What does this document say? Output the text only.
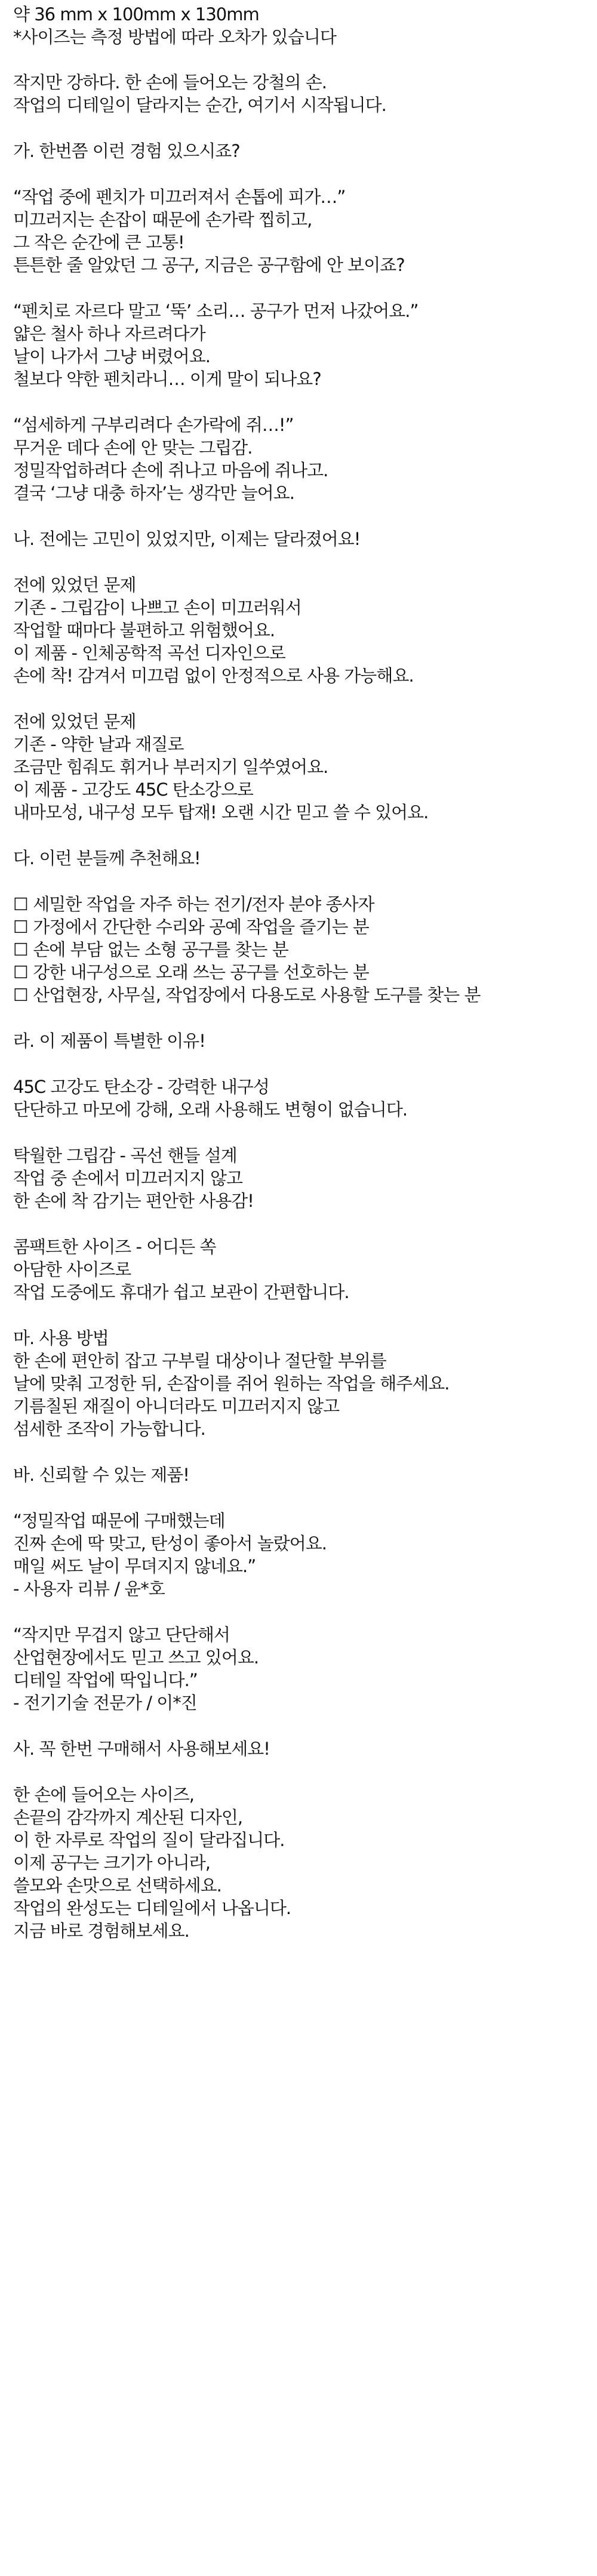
약 36 mm x 100mm x 130mm
*사이즈는 측정 방법에 따라 오차가 있습니다
작지만 강하다. 한 손에 들어오는 강철의 손.
작업의 디테일이 달라지는 순간, 여기서 시작됩니다.
가. 한번쯤 이런 경험 있으시죠?
“작업 중에 펜치가 미끄러져서 손톱에 피가…”
미끄러지는 손잡이 때문에 손가락 찝히고,
그 작은 순간에 큰 고통!
튼튼한 줄 알았던 그 공구, 지금은 공구함에 안 보이죠?
“펜치로 자르다 말고 ‘뚝’ 소리… 공구가 먼저 나갔어요.”
얇은 철사 하나 자르려다가
날이 나가서 그냥 버렸어요.
철보다 약한 펜치라니… 이게 말이 되나요?
“섬세하게 구부리려다 손가락에 쥐…!”
무거운 데다 손에 안 맞는 그립감.
정밀작업하려다 손에 쥐나고 마음에 쥐나고.
결국 ‘그냥 대충 하자’는 생각만 늘어요.
나. 전에는 고민이 있었지만, 이제는 달라졌어요!
전에 있었던 문제
기존 - 그립감이 나쁘고 손이 미끄러워서
작업할 때마다 불편하고 위험했어요.
이 제품 - 인체공학적 곡선 디자인으로
손에 착! 감겨서 미끄럼 없이 안정적으로 사용 가능해요.
전에 있었던 문제
기존 - 약한 날과 재질로
조금만 힘줘도 휘거나 부러지기 일쑤였어요.
이 제품 - 고강도 45C 탄소강으로
내마모성, 내구성 모두 탑재! 오랜 시간 믿고 쓸 수 있어요.
다. 이런 분들께 추천해요!
☐ 세밀한 작업을 자주 하는 전기/전자 분야 종사자
☐ 가정에서 간단한 수리와 공예 작업을 즐기는 분
☐ 손에 부담 없는 소형 공구를 찾는 분
☐ 강한 내구성으로 오래 쓰는 공구를 선호하는 분
☐ 산업현장, 사무실, 작업장에서 다용도로 사용할 도구를 찾는 분
라. 이 제품이 특별한 이유!
45C 고강도 탄소강 - 강력한 내구성
단단하고 마모에 강해, 오래 사용해도 변형이 없습니다.
탁월한 그립감 - 곡선 핸들 설계
작업 중 손에서 미끄러지지 않고
한 손에 착 감기는 편안한 사용감!
콤팩트한 사이즈 - 어디든 쏙
아담한 사이즈로
작업 도중에도 휴대가 쉽고 보관이 간편합니다.
마. 사용 방법
한 손에 편안히 잡고 구부릴 대상이나 절단할 부위를
날에 맞춰 고정한 뒤, 손잡이를 쥐어 원하는 작업을 해주세요.
기름칠된 재질이 아니더라도 미끄러지지 않고
섬세한 조작이 가능합니다.
바. 신뢰할 수 있는 제품!
“정밀작업 때문에 구매했는데
진짜 손에 딱 맞고, 탄성이 좋아서 놀랐어요.
매일 써도 날이 무뎌지지 않네요.”
- 사용자 리뷰 / 윤*호
“작지만 무겁지 않고 단단해서
산업현장에서도 믿고 쓰고 있어요.
디테일 작업에 딱입니다.”
- 전기기술 전문가 / 이*진
사. 꼭 한번 구매해서 사용해보세요!
한 손에 들어오는 사이즈,
손끝의 감각까지 계산된 디자인,
이 한 자루로 작업의 질이 달라집니다.
이제 공구는 크기가 아니라,
쓸모와 손맛으로 선택하세요.
작업의 완성도는 디테일에서 나옵니다.
지금 바로 경험해보세요.
